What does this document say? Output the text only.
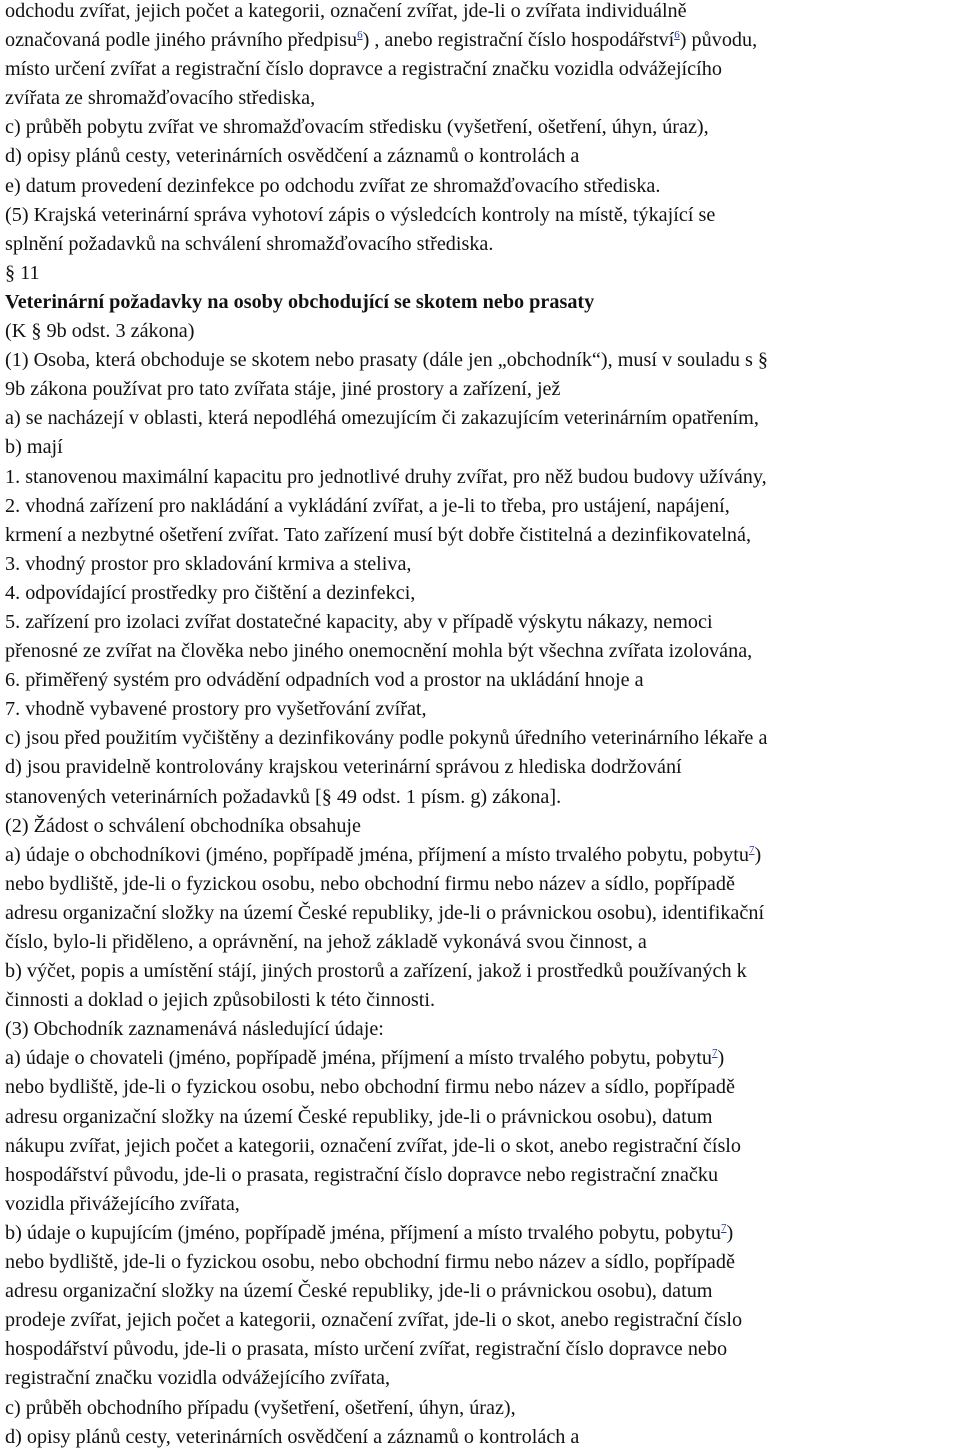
odchodu zvířat, jejich počet a kategorii, označení zvířat, jde-li o zvířata individuálně
označovaná podle jiného právního předpisu$^6$) , anebo registrační číslo hospodářství$^6$) původu,
místo určení zvířat a registrační číslo dopravce a registrační značku vozidla odvážejícího
zvířata ze shromažďovacího střediska,
c) průběh pobytu zvířat ve shromažďovacím středisku (vyšetření, ošetření, úhyn, úraz),
d) opisy plánů cesty, veterinárních osvědčení a záznamů o kontrolách a
e) datum provedení dezinfekce po odchodu zvířat ze shromažďovacího střediska.
(5) Krajská veterinární správa vyhotoví zápis o výsledcích kontroly na místě, týkající se
splnění požadavků na schválení shromažďovacího střediska.
§ 11
Veterinární požadavky na osoby obchodující se skotem nebo prasaty
(K § 9b odst. 3 zákona)
(1) Osoba, která obchoduje se skotem nebo prasaty (dále jen „obchodník“), musí v souladu s §
9b zákona používat pro tato zvířata stáje, jiné prostory a zařízení, jež
a) se nacházejí v oblasti, která nepodléhá omezujícím či zakazujícím veterinárním opatřením,
b) mají
1. stanovenou maximální kapacitu pro jednotlivé druhy zvířat, pro něž budou budovy užívány,
2. vhodná zařízení pro nakládání a vykládání zvířat, a je-li to třeba, pro ustájení, napájení,
krmení a nezbytné ošetření zvířat. Tato zařízení musí být dobře čistitelná a dezinfikovatelná,
3. vhodný prostor pro skladování krmiva a steliva,
4. odpovídající prostředky pro čištění a dezinfekci,
5. zařízení pro izolaci zvířat dostatečné kapacity, aby v případě výskytu nákazy, nemoci
přenosné ze zvířat na člověka nebo jiného onemocnění mohla být všechna zvířata izolována,
6. přiměřený systém pro odvádění odpadních vod a prostor na ukládání hnoje a
7. vhodně vybavené prostory pro vyšetřování zvířat,
c) jsou před použitím vyčištěny a dezinfikovány podle pokynů úředního veterinárního lékaře a
d) jsou pravidelně kontrolovány krajskou veterinární správou z hlediska dodržování
stanovených veterinárních požadavků [§ 49 odst. 1 písm. g) zákona].
(2) Žádost o schválení obchodníka obsahuje
a) údaje o obchodníkovi (jméno, popřípadě jména, příjmení a místo trvalého pobytu, pobytu$^7$)
nebo bydliště, jde-li o fyzickou osobu, nebo obchodní firmu nebo název a sídlo, popřípadě
adresu organizační složky na území České republiky, jde-li o právnickou osobu), identifikační
číslo, bylo-li přiděleno, a oprávnění, na jehož základě vykonává svou činnost, a
b) výčet, popis a umístění stájí, jiných prostorů a zařízení, jakož i prostředků používaných k
činnosti a doklad o jejich způsobilosti k této činnosti.
(3) Obchodník zaznamenává následující údaje:
a) údaje o chovateli (jméno, popřípadě jména, příjmení a místo trvalého pobytu, pobytu$^7$)
nebo bydliště, jde-li o fyzickou osobu, nebo obchodní firmu nebo název a sídlo, popřípadě
adresu organizační složky na území České republiky, jde-li o právnickou osobu), datum
nákupu zvířat, jejich počet a kategorii, označení zvířat, jde-li o skot, anebo registrační číslo
hospodářství původu, jde-li o prasata, registrační číslo dopravce nebo registrační značku
vozidla přivážejícího zvířata,
b) údaje o kupujícím (jméno, popřípadě jména, příjmení a místo trvalého pobytu, pobytu$^7$)
nebo bydliště, jde-li o fyzickou osobu, nebo obchodní firmu nebo název a sídlo, popřípadě
adresu organizační složky na území České republiky, jde-li o právnickou osobu), datum
prodeje zvířat, jejich počet a kategorii, označení zvířat, jde-li o skot, anebo registrační číslo
hospodářství původu, jde-li o prasata, místo určení zvířat, registrační číslo dopravce nebo
registrační značku vozidla odvážejícího zvířata,
c) průběh obchodního případu (vyšetření, ošetření, úhyn, úraz),
d) opisy plánů cesty, veterinárních osvědčení a záznamů o kontrolách a
